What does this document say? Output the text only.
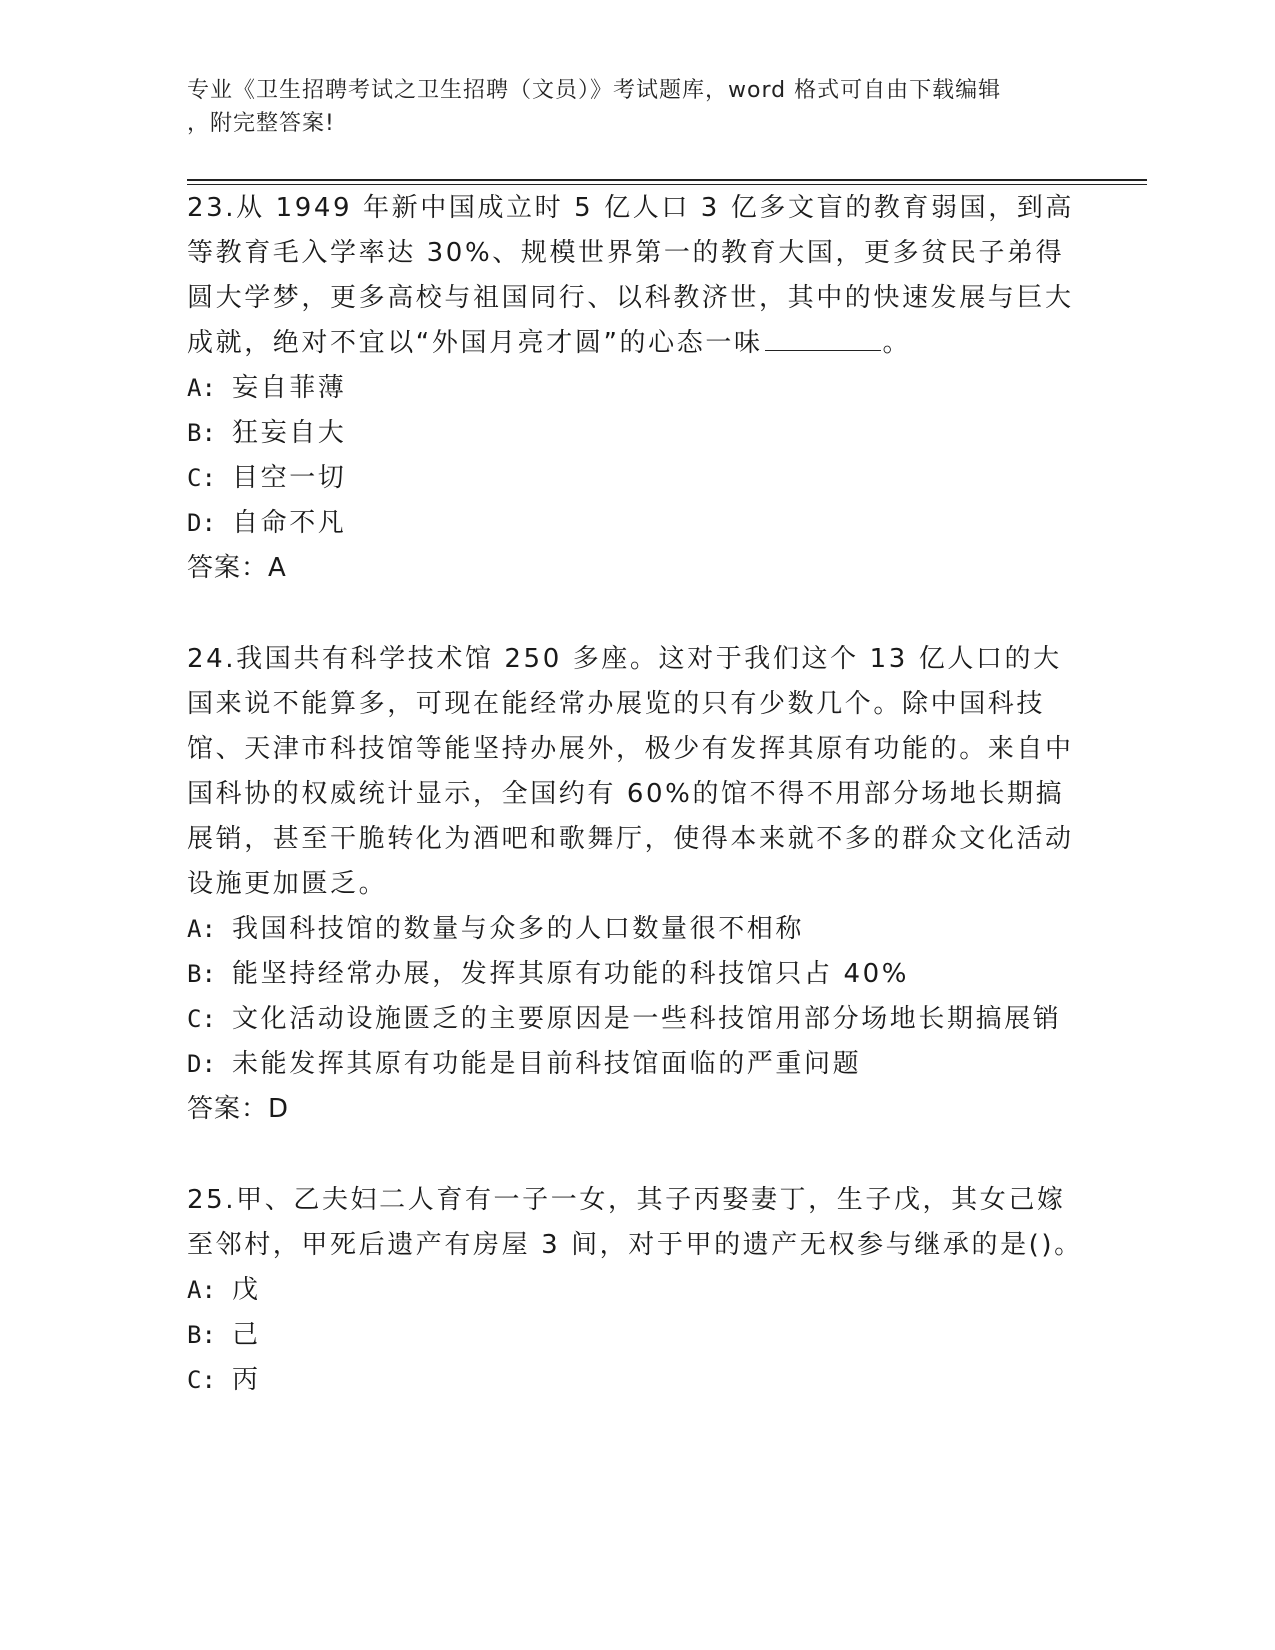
专业《卫生招聘考试之卫生招聘（文员）》考试题库，word 格式可自由下载编辑
，附完整答案!
23.从 1949 年新中国成立时 5 亿人口 3 亿多文盲的教育弱国，到高等教育毛入学率达 30%、规模世界第一的教育大国，更多贫民子弟得圆大学梦，更多高校与祖国同行、以科教济世，其中的快速发展与巨大成就，绝对不宜以“外国月亮才圆”的心态一味	。
A: 妄自菲薄
B: 狂妄自大
C: 目空一切
D: 自命不凡
答案：A
24.我国共有科学技术馆 250 多座。这对于我们这个 13 亿人口的大国来说不能算多，可现在能经常办展览的只有少数几个。除中国科技馆、天津市科技馆等能坚持办展外，极少有发挥其原有功能的。来自中国科协的权威统计显示，全国约有 60%的馆不得不用部分场地长期搞展销，甚至干脆转化为酒吧和歌舞厅，使得本来就不多的群众文化活动设施更加匮乏。
A: 我国科技馆的数量与众多的人口数量很不相称
B: 能坚持经常办展，发挥其原有功能的科技馆只占 40%
C: 文化活动设施匮乏的主要原因是一些科技馆用部分场地长期搞展销
D: 未能发挥其原有功能是目前科技馆面临的严重问题
答案：D
25.甲、乙夫妇二人育有一子一女，其子丙娶妻丁，生子戊，其女己嫁至邻村，甲死后遗产有房屋 3 间，对于甲的遗产无权参与继承的是()。
A: 戊
B: 己
C: 丙
